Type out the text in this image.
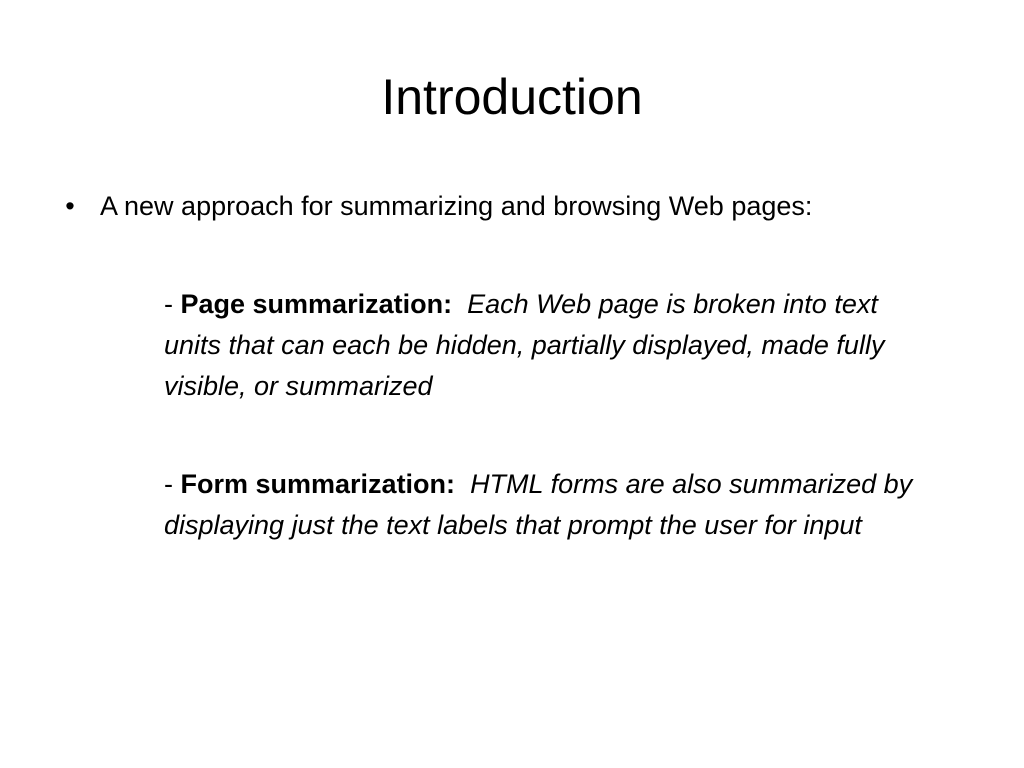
Introduction
• A new approach for summarizing and browsing Web pages:
- Page summarization: Each Web page is broken into text units that can each be hidden, partially displayed, made fully visible, or summarized
- Form summarization: HTML forms are also summarized by displaying just the text labels that prompt the user for input
